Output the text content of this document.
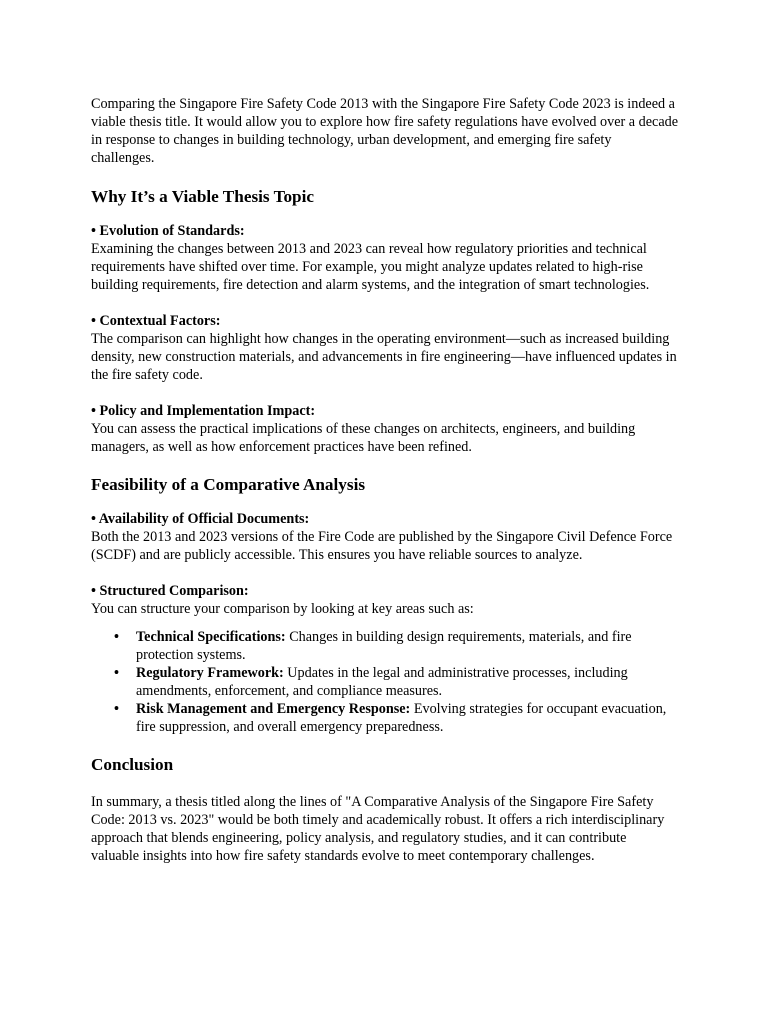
Comparing the Singapore Fire Safety Code 2013 with the Singapore Fire Safety Code 2023 is indeed a viable thesis title. It would allow you to explore how fire safety regulations have evolved over a decade in response to changes in building technology, urban development, and emerging fire safety challenges.

Why It’s a Viable Thesis Topic

• Evolution of Standards:

Examining the changes between 2013 and 2023 can reveal how regulatory priorities and technical requirements have shifted over time. For example, you might analyze updates related to high-rise building requirements, fire detection and alarm systems, and the integration of smart technologies.

• Contextual Factors:

The comparison can highlight how changes in the operating environment—such as increased building density, new construction materials, and advancements in fire engineering—have influenced updates in the fire safety code.

• Policy and Implementation Impact:

You can assess the practical implications of these changes on architects, engineers, and building managers, as well as how enforcement practices have been refined.

Feasibility of a Comparative Analysis

• Availability of Official Documents:

Both the 2013 and 2023 versions of the Fire Code are published by the Singapore Civil Defence Force (SCDF) and are publicly accessible. This ensures you have reliable sources to analyze.

• Structured Comparison:

You can structure your comparison by looking at key areas such as:

• Technical Specifications: Changes in building design requirements, materials, and fire protection systems.
• Regulatory Framework: Updates in the legal and administrative processes, including amendments, enforcement, and compliance measures.
• Risk Management and Emergency Response: Evolving strategies for occupant evacuation, fire suppression, and overall emergency preparedness.
Conclusion

In summary, a thesis titled along the lines of "A Comparative Analysis of the Singapore Fire Safety Code: 2013 vs. 2023" would be both timely and academically robust. It offers a rich interdisciplinary approach that blends engineering, policy analysis, and regulatory studies, and it can contribute valuable insights into how fire safety standards evolve to meet contemporary challenges.
